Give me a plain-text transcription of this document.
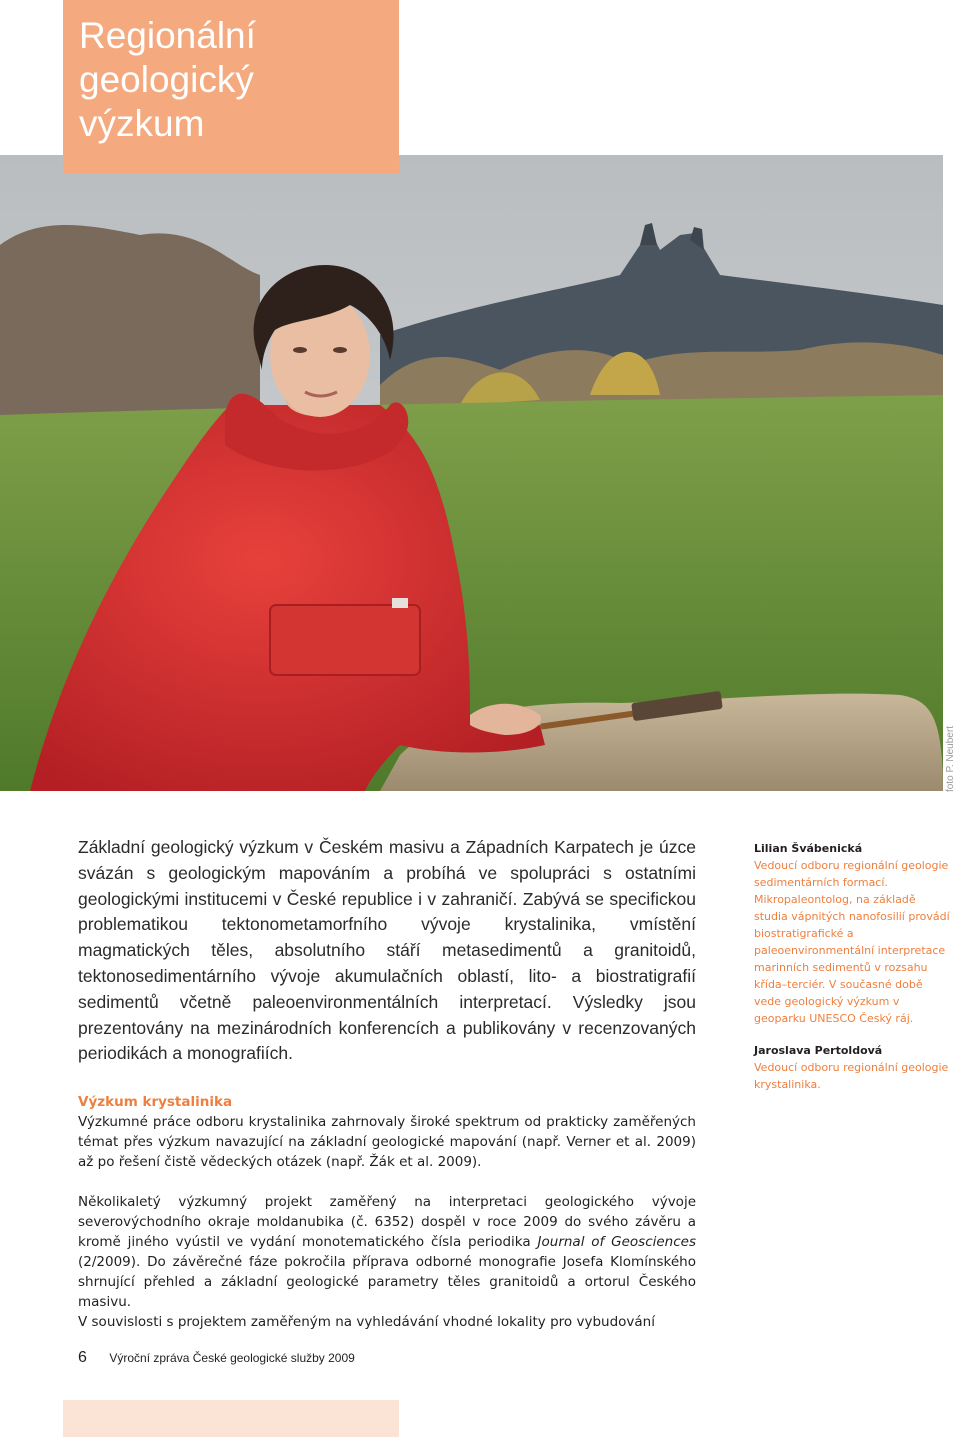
Regionální
geologický
výzkum
foto P. Neubert

Základní geologický výzkum v Českém masivu a Západních Karpatech je úzce svázán s geologickým mapováním a probíhá ve spolupráci s ostatními geologickými institucemi v České republice i v zahraničí. Zabývá se specifickou problematikou tektonometamorfního vývoje krystalinika, vmístění magmatických těles, absolutního stáří metasedimentů a granitoidů, tektonosedimentárního vývoje akumulačních oblastí, lito- a biostratigrafií sedimentů včetně paleoenvironmentálních interpretací. Výsledky jsou prezentovány na mezinárodních konferencích a publikovány v recenzovaných periodikách a monografiích.

Výzkum krystalinika

Výzkumné práce odboru krystalinika zahrnovaly široké spektrum od prakticky zaměřených témat přes výzkum navazující na základní geologické mapování (např. Verner et al. 2009) až po řešení čistě vědeckých otázek (např. Žák et al. 2009).

Několikaletý výzkumný projekt zaměřený na interpretaci geologického vývoje severovýchodního okraje moldanubika (č. 6352) dospěl v roce 2009 do svého závěru a kromě jiného vyústil ve vydání monotematického čísla periodika Journal of Geosciences (2/2009). Do závěrečné fáze pokročila příprava odborné monografie Josefa Klomínského shrnující přehled a základní geologické parametry těles granitoidů a ortorul Českého masivu.

V souvislosti s projektem zaměřeným na vyhledávání vhodné lokality pro vybudování

Lilian Švábenická
Vedoucí odboru regionální geologie sedimentárních formací. Mikropaleontolog, na základě studia vápnitých nanofosilií provádí biostratigrafické a paleoenvironmentální interpretace marinních sedimentů v rozsahu křída–terciér. V současné době vede geologický výzkum v geoparku UNESCO Český ráj.
Jaroslava Pertoldová
Vedoucí odboru regionální geologie krystalinika.
6 Výroční zpráva České geologické služby 2009
